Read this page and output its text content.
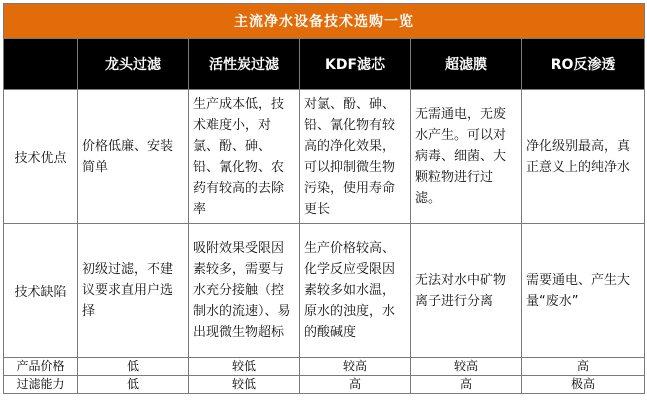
主流净水设备技术选购一览					
	龙头过滤	活性炭过滤	KDF滤芯	超滤膜	RO反渗透
技术优点	价格低廉、安装简单	生产成本低，技术难度小，对氯、酚、砷、铅、氰化物、农药有较高的去除率	对氯、酚、砷、铅、氰化物有较高的净化效果，可以抑制微生物污染，使用寿命更长	无需通电，无废水产生。可以对病毒、细菌、大颗粒物进行过滤。	净化级别最高，真正意义上的纯净水
技术缺陷	初级过滤，不建议要求直用户选择	吸附效果受限因素较多，需要与水充分接触（控制水的流速）、易出现微生物超标	生产价格较高、化学反应受限因素较多如水温，原水的浊度，水的酸碱度	无法对水中矿物离子进行分离	需要通电、产生大量“废水”
产品价格	低	较低	较高	较高	高
过滤能力	低	较低	高	高	极高
